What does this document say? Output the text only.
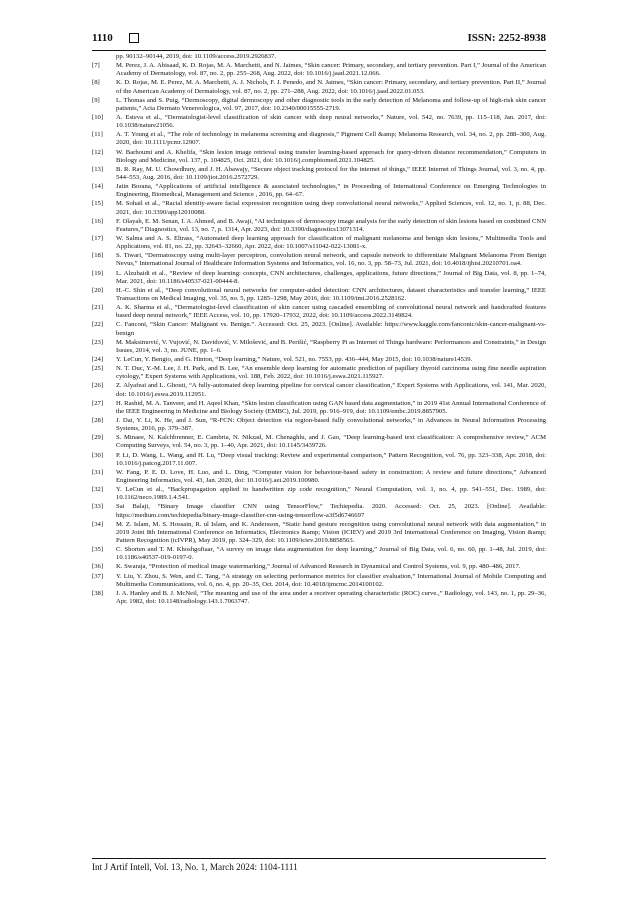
1110	ISSN: 2252-8938
pp. 90132–90144, 2019, doi: 10.1109/access.2019.2926837.
[7]	M. Perez, J. A. Abisaad, K. D. Rojas, M. A. Marchetti, and N. Jaimes, “Skin cancer: Primary, secondary, and tertiary prevention. Part I,” Journal of the American Academy of Dermatology, vol. 87, no. 2, pp. 255–268, Aug. 2022, doi: 10.1016/j.jaad.2021.12.066.
[8]	K. D. Rojas, M. E. Perez, M. A. Marchetti, A. J. Nichols, F. J. Penedo, and N. Jaimes, “Skin cancer: Primary, secondary, and tertiary prevention. Part II,” Journal of the American Academy of Dermatology, vol. 87, no. 2, pp. 271–288, Aug. 2022, doi: 10.1016/j.jaad.2022.01.053.
[9]	L. Thomas and S. Puig, “Dermoscopy, digital dermoscopy and other diagnostic tools in the early detection of Melanoma and follow-up of high-risk skin cancer patients,” Acta Dermato Venereologica, vol. 97, 2017, doi: 10.2340/00015555-2719.
[10]	A. Esteva et al., “Dermatologist-level classification of skin cancer with deep neural networks,” Nature, vol. 542, no. 7639, pp. 115–118, Jan. 2017, doi: 10.1038/nature21056.
[11]	A. T. Young et al., “The role of technology in melanoma screening and diagnosis,” Pigment Cell &amp; Melanoma Research, vol. 34, no. 2, pp. 288–300, Aug. 2020, doi: 10.1111/pcmr.12907.
[12]	W. Barhoumi and A. Khelifa, “Skin lesion image retrieval using transfer learning-based approach for query-driven distance recommendation,” Computers in Biology and Medicine, vol. 137, p. 104825, Oct. 2021, doi: 10.1016/j.compbiomed.2021.104825.
[13]	B. R. Ray, M. U. Chowdhury, and J. H. Abawajy, “Secure object tracking protocol for the internet of things,” IEEE Internet of Things Journal, vol. 3, no. 4, pp. 544–553, Aug. 2016, doi: 10.1109/jiot.2016.2572729.
[14]	Jatin Borana, “Applications of artificial intelligence & associated technologies,” in Proceeding of International Conference on Emerging Technologies in Engineering, Biomedical, Management and Science , 2016, pp. 64–67.
[15]	M. Sohail et al., “Racial identity-aware facial expression recognition using deep convolutional neural networks,” Applied Sciences, vol. 12, no. 1, p. 88, Dec. 2021, doi: 10.3390/app12010088.
[16]	F. Olayah, E. M. Senan, I. A. Ahmed, and B. Awaji, “AI techniques of dermoscopy image analysis for the early detection of skin lesions based on combined CNN Features,” Diagnostics, vol. 13, no. 7, p. 1314, Apr. 2023, doi: 10.3390/diagnostics13071314.
[17]	W. Salma and A. S. Eltrass, “Automated deep learning approach for classification of malignant melanoma and benign skin lesions,” Multimedia Tools and Applications, vol. 81, no. 22, pp. 32643–32660, Apr. 2022, doi: 10.1007/s11042-022-13081-x.
[18]	S. Tiwari, “Dermatoscopy using multi-layer perceptron, convolution neural network, and capsule network to differentiate Malignant Melanoma From Benign Nevus,” International Journal of Healthcare Information Systems and Informatics, vol. 16, no. 3, pp. 58–73, Jul. 2021, doi: 10.4018/ijhisi.20210701.oa4.
[19]	L. Alzubaidi et al., “Review of deep learning: concepts, CNN architectures, challenges, applications, future directions,” Journal of Big Data, vol. 8, pp. 1–74, Mar. 2021, doi: 10.1186/s40537-021-00444-8.
[20]	H.-C. Shin et al., “Deep convolutional neural networks for computer-aided detection: CNN architectures, dataset characteristics and transfer learning,” IEEE Transactions on Medical Imaging, vol. 35, no. 5, pp. 1285–1298, May 2016, doi: 10.1109/tmi.2016.2528162.
[21]	A. K. Sharma et al., “Dermatologist-level classification of skin cancer using cascaded ensembling of convolutional neural network and handcrafted features based deep neural network,” IEEE Access, vol. 10, pp. 17920–17932, 2022, doi: 10.1109/access.2022.3149824.
[22]	C. Fanconi, “Skin Cancer: Malignant vs. Benign.”. Accessed: Oct. 25, 2023. [Online]. Available: https://www.kaggle.com/fanconic/skin-cancer-malignant-vs-benign
[23]	M. Maksimović, V. Vujović, N. Davidović, V. Milošević, and B. Perišić, “Raspberry Pi as Internet of Things hardware: Performances and Constraints,” in Design Issues, 2014, vol. 3, no. JUNE, pp. 1–6.
[24]	Y. LeCun, Y. Bengio, and G. Hinton, “Deep learning,” Nature, vol. 521, no. 7553, pp. 436–444, May 2015, doi: 10.1038/nature14539.
[25]	N. T. Duc, Y.-M. Lee, J. H. Park, and B. Lee, “An ensemble deep learning for automatic prediction of papillary thyroid carcinoma using fine needle aspiration cytology,” Expert Systems with Applications, vol. 188, Feb. 2022, doi: 10.1016/j.eswa.2021.115927.
[26]	Z. Alyafeai and L. Ghouti, “A fully-automated deep learning pipeline for cervical cancer classification,” Expert Systems with Applications, vol. 141, Mar. 2020, doi: 10.1016/j.eswa.2019.112951.
[27]	H. Rashid, M. A. Tanveer, and H. Aqeel Khan, “Skin lesion classification using GAN based data augmentation,” in 2019 41st Annual International Conference of the IEEE Engineering in Medicine and Biology Society (EMBC), Jul. 2019, pp. 916–919, doi: 10.1109/embc.2019.8857905.
[28]	J. Dai, Y. Li, K. He, and J. Sun, “R-FCN: Object detection via region-based fully convolutional networks,” in Advances in Neural Information Processing Systems, 2016, pp. 379–387.
[29]	S. Minaee, N. Kalchbrenner, E. Cambria, N. Nikzad, M. Chenaghlu, and J. Gao, “Deep learning-based text classification: A comprehensive review,” ACM Computing Surveys, vol. 54, no. 3, pp. 1–40, Apr. 2021, doi: 10.1145/3439726.
[30]	P. Li, D. Wang, L. Wang, and H. Lu, “Deep visual tracking: Review and experimental comparison,” Pattern Recognition, vol. 76, pp. 323–338, Apr. 2018, doi: 10.1016/j.patcog.2017.11.007.
[31]	W. Fang, P. E. D. Love, H. Luo, and L. Ding, “Computer vision for behaviour-based safety in construction: A review and future directions,” Advanced Engineering Informatics, vol. 43, Jan. 2020, doi: 10.1016/j.aei.2019.100980.
[32]	Y. LeCun et al., “Backpropagation applied to handwritten zip code recognition,” Neural Computation, vol. 1, no. 4, pp. 541–551, Dec. 1989, doi: 10.1162/neco.1989.1.4.541.
[33]	Sai Balaji, “Binary Image classifier CNN using TensorFlow,” Techiepedia. 2020. Accessed: Oct. 25, 2023. [Online]. Available: https://medium.com/techiepedia/binary-image-classifier-cnn-using-tensorflow-a3f5d6746697
[34]	M. Z. Islam, M. S. Hossain, R. ul Islam, and K. Andersson, “Static hand gesture recognition using convolutional neural network with data augmentation,” in 2019 Joint 8th International Conference on Informatics, Electronics &amp; Vision (ICIEV) and 2019 3rd International Conference on Imaging, Vision &amp; Pattern Recognition (icIVPR), May 2019, pp. 324–329, doi: 10.1109/iciev.2019.8858563.
[35]	C. Shorten and T. M. Khoshgoftaar, “A survey on image data augmentation for deep learning,” Journal of Big Data, vol. 6, no. 60, pp. 1–48, Jul. 2019, doi: 10.1186/s40537-019-0197-0.
[36]	K. Swaraja, “Protection of medical image watermarking,” Journal of Advanced Research in Dynamical and Control Systems, vol. 9, pp. 480–486, 2017.
[37]	Y. Liu, Y. Zhou, S. Wen, and C. Tang, “A strategy on selecting performance metrics for classifier evaluation,” International Journal of Mobile Computing and Multimedia Communications, vol. 6, no. 4, pp. 20–35, Oct. 2014, doi: 10.4018/ijmcmc.2014100102.
[38]	J. A. Hanley and B. J. McNeil, “The meaning and use of the area under a receiver operating characteristic (ROC) curve.,” Radiology, vol. 143, no. 1, pp. 29–36, Apr. 1982, doi: 10.1148/radiology.143.1.7063747.
Int J Artif Intell, Vol. 13, No. 1, March 2024: 1104-1111
